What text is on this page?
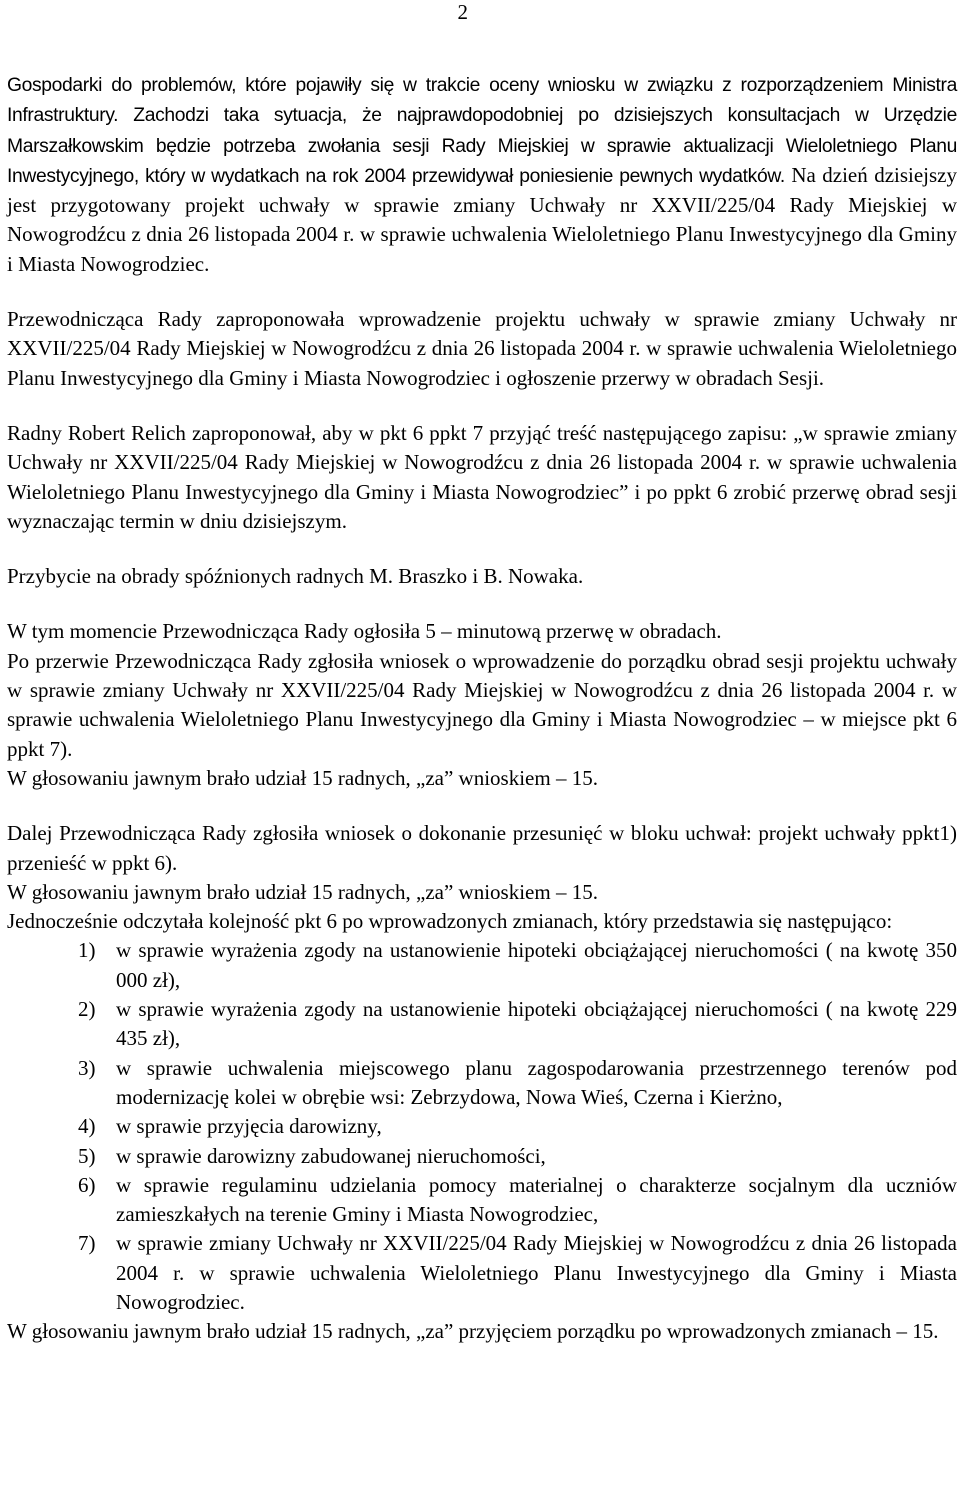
2

Gospodarki do problemów, które pojawiły się w trakcie oceny wniosku w związku z rozporządzeniem Ministra Infrastruktury. Zachodzi taka sytuacja, że najprawdopodobniej po dzisiejszych konsultacjach w Urzędzie Marszałkowskim będzie potrzeba zwołania sesji Rady Miejskiej w sprawie aktualizacji Wieloletniego Planu Inwestycyjnego, który w wydatkach na rok 2004 przewidywał poniesienie pewnych wydatków. Na dzień dzisiejszy jest przygotowany projekt uchwały w sprawie zmiany Uchwały nr XXVII/225/04 Rady Miejskiej w Nowogrodźcu z dnia 26 listopada 2004 r. w sprawie uchwalenia Wieloletniego Planu Inwestycyjnego dla Gminy i Miasta Nowogrodziec.

Przewodnicząca Rady zaproponowała wprowadzenie projektu uchwały w sprawie zmiany Uchwały nr XXVII/225/04 Rady Miejskiej w Nowogrodźcu z dnia 26 listopada 2004 r. w sprawie uchwalenia Wieloletniego Planu Inwestycyjnego dla Gminy i Miasta Nowogrodziec i ogłoszenie przerwy w obradach Sesji.

Radny Robert Relich zaproponował, aby w pkt 6 ppkt 7 przyjąć treść następującego zapisu: „w sprawie zmiany Uchwały nr XXVII/225/04 Rady Miejskiej w Nowogrodźcu z dnia 26 listopada 2004 r. w sprawie uchwalenia Wieloletniego Planu Inwestycyjnego dla Gminy i Miasta Nowogrodziec” i po ppkt 6 zrobić przerwę obrad sesji wyznaczając termin w dniu dzisiejszym.

Przybycie na obrady spóźnionych radnych M. Braszko i B. Nowaka.

W tym momencie Przewodnicząca Rady ogłosiła 5 – minutową przerwę w obradach.

Po przerwie Przewodnicząca Rady zgłosiła wniosek o wprowadzenie do porządku obrad sesji projektu uchwały w sprawie zmiany Uchwały nr XXVII/225/04 Rady Miejskiej w Nowogrodźcu z dnia 26 listopada 2004 r. w sprawie uchwalenia Wieloletniego Planu Inwestycyjnego dla Gminy i Miasta Nowogrodziec – w miejsce pkt 6 ppkt 7).

W głosowaniu jawnym brało udział 15 radnych, „za” wnioskiem – 15.

Dalej Przewodnicząca Rady zgłosiła wniosek o dokonanie przesunięć w bloku uchwał: projekt uchwały ppkt1) przenieść w ppkt 6).

W głosowaniu jawnym brało udział 15 radnych, „za” wnioskiem – 15.

Jednocześnie odczytała kolejność pkt 6 po wprowadzonych zmianach, który przedstawia się następująco:

1) w sprawie wyrażenia zgody na ustanowienie hipoteki obciążającej nieruchomości ( na kwotę 350 000 zł),
2) w sprawie wyrażenia zgody na ustanowienie hipoteki obciążającej nieruchomości ( na kwotę 229 435 zł),
3) w sprawie uchwalenia miejscowego planu zagospodarowania przestrzennego terenów pod modernizację kolei w obrębie wsi: Zebrzydowa, Nowa Wieś, Czerna i Kierżno,
4) w sprawie przyjęcia darowizny,
5) w sprawie darowizny zabudowanej nieruchomości,
6) w sprawie regulaminu udzielania pomocy materialnej o charakterze socjalnym dla uczniów zamieszkałych na terenie Gminy i Miasta Nowogrodziec,
7) w sprawie zmiany Uchwały nr XXVII/225/04 Rady Miejskiej w Nowogrodźcu z dnia 26 listopada 2004 r. w sprawie uchwalenia Wieloletniego Planu Inwestycyjnego dla Gminy i Miasta Nowogrodziec.

W głosowaniu jawnym brało udział 15 radnych, „za” przyjęciem porządku po wprowadzonych zmianach – 15.
